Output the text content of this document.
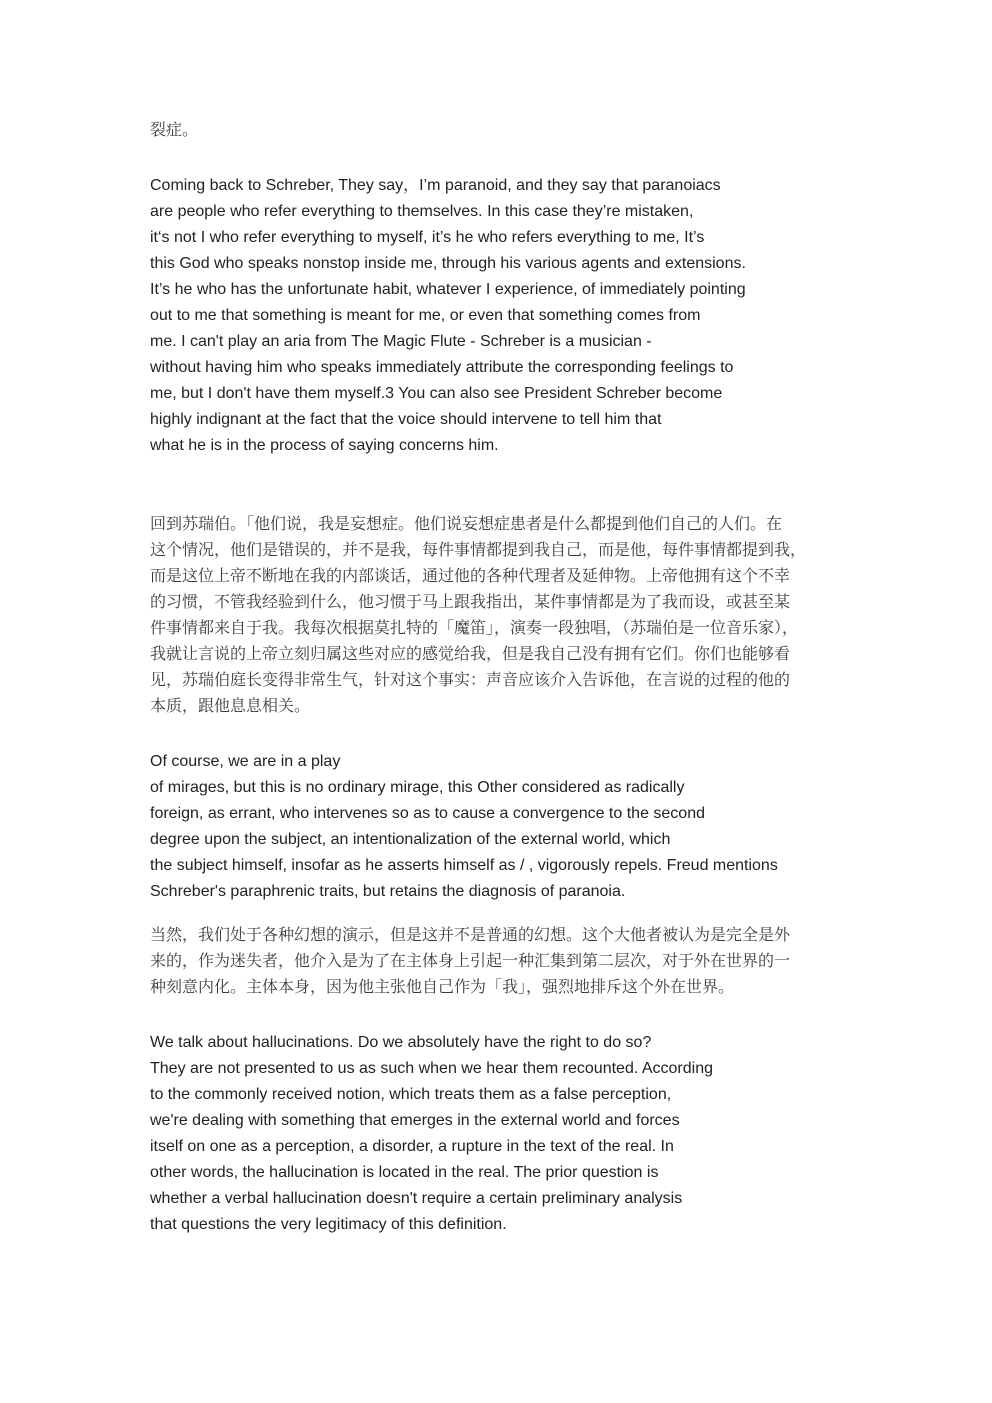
裂症。

Coming back to Schreber, They say，I’m paranoid, and they say that paranoiacs
are people who refer everything to themselves. In this case they’re mistaken,
it‘s not I who refer everything to myself, it’s he who refers everything to me, It’s
this God who speaks nonstop inside me, through his various agents and extensions.
It’s he who has the unfortunate habit, whatever I experience, of immediately pointing
out to me that something is meant for me, or even that something comes from
me. I can't play an aria from The Magic Flute - Schreber is a musician -
without having him who speaks immediately attribute the corresponding feelings to
me, but I don't have them myself.3 You can also see President Schreber become
highly indignant at the fact that the voice should intervene to tell him that
what he is in the process of saying concerns him.

回到苏瑞伯。「他们说，我是妄想症。他们说妄想症患者是什么都提到他们自己的人们。在
这个情况，他们是错误的，并不是我，每件事情都提到我自己，而是他，每件事情都提到我，
而是这位上帝不断地在我的内部谈话，通过他的各种代理者及延伸物。上帝他拥有这个不幸
的习惯，不管我经验到什么，他习惯于马上跟我指出，某件事情都是为了我而设，或甚至某
件事情都来自于我。我每次根据莫扎特的「魔笛」，演奏一段独唱，（苏瑞伯是一位音乐家），
我就让言说的上帝立刻归属这些对应的感觉给我，但是我自己没有拥有它们。你们也能够看
见，苏瑞伯庭长变得非常生气，针对这个事实：声音应该介入告诉他，在言说的过程的他的
本质，跟他息息相关。

Of course, we are in a play
of mirages, but this is no ordinary mirage, this Other considered as radically
foreign, as errant, who intervenes so as to cause a convergence to the second
degree upon the subject, an intentionalization of the external world, which
the subject himself, insofar as he asserts himself as / , vigorously repels. Freud mentions
Schreber's paraphrenic traits, but retains the diagnosis of paranoia.

当然，我们处于各种幻想的演示，但是这并不是普通的幻想。这个大他者被认为是完全是外
来的，作为迷失者，他介入是为了在主体身上引起一种汇集到第二层次，对于外在世界的一
种刻意内化。主体本身，因为他主张他自己作为「我」，强烈地排斥这个外在世界。

We talk about hallucinations. Do we absolutely have the right to do so?
They are not presented to us as such when we hear them recounted. According
to the commonly received notion, which treats them as a false perception,
we're dealing with something that emerges in the external world and forces
itself on one as a perception, a disorder, a rupture in the text of the real. In
other words, the hallucination is located in the real. The prior question is
whether a verbal hallucination doesn't require a certain preliminary analysis
that questions the very legitimacy of this definition.
